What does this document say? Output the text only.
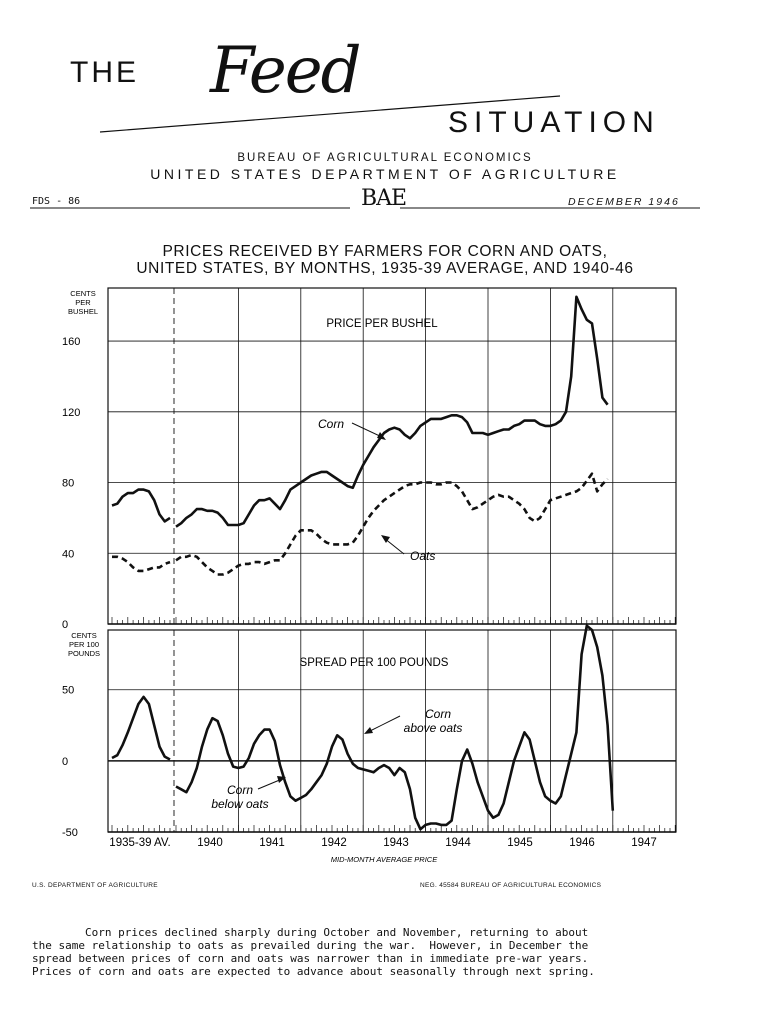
THE Feed
SITUATION
BUREAU OF AGRICULTURAL ECONOMICS
UNITED STATES DEPARTMENT OF AGRICULTURE
FDS - 86	BAE	DECEMBER 1946
PRICES RECEIVED BY FARMERS FOR CORN AND OATS,
UNITED STATES, BY MONTHS, 1935-39 AVERAGE, AND 1940-46
0
40
80
120
160
-50
0
50
1935-39 AV. 1940	1941	1942	1943	1944	1945	1946	1947
CENTS
PER
BUSHEL
PRICE PER BUSHEL
CENTS
PER 100
POUNDS
SPREAD PER 100 POUNDS
Corn
Oats
Corn
above oats
Corn
below oats
MID-MONTH AVERAGE PRICE
U.S. DEPARTMENT OF AGRICULTURE	NEG. 45584 BUREAU OF AGRICULTURAL ECONOMICS
Corn prices declined sharply during October and November, returning to about
the same relationship to oats as prevailed during the war.  However, in December the
spread between prices of corn and oats was narrower than in immediate pre-war years.
Prices of corn and oats are expected to advance about seasonally through next spring.
